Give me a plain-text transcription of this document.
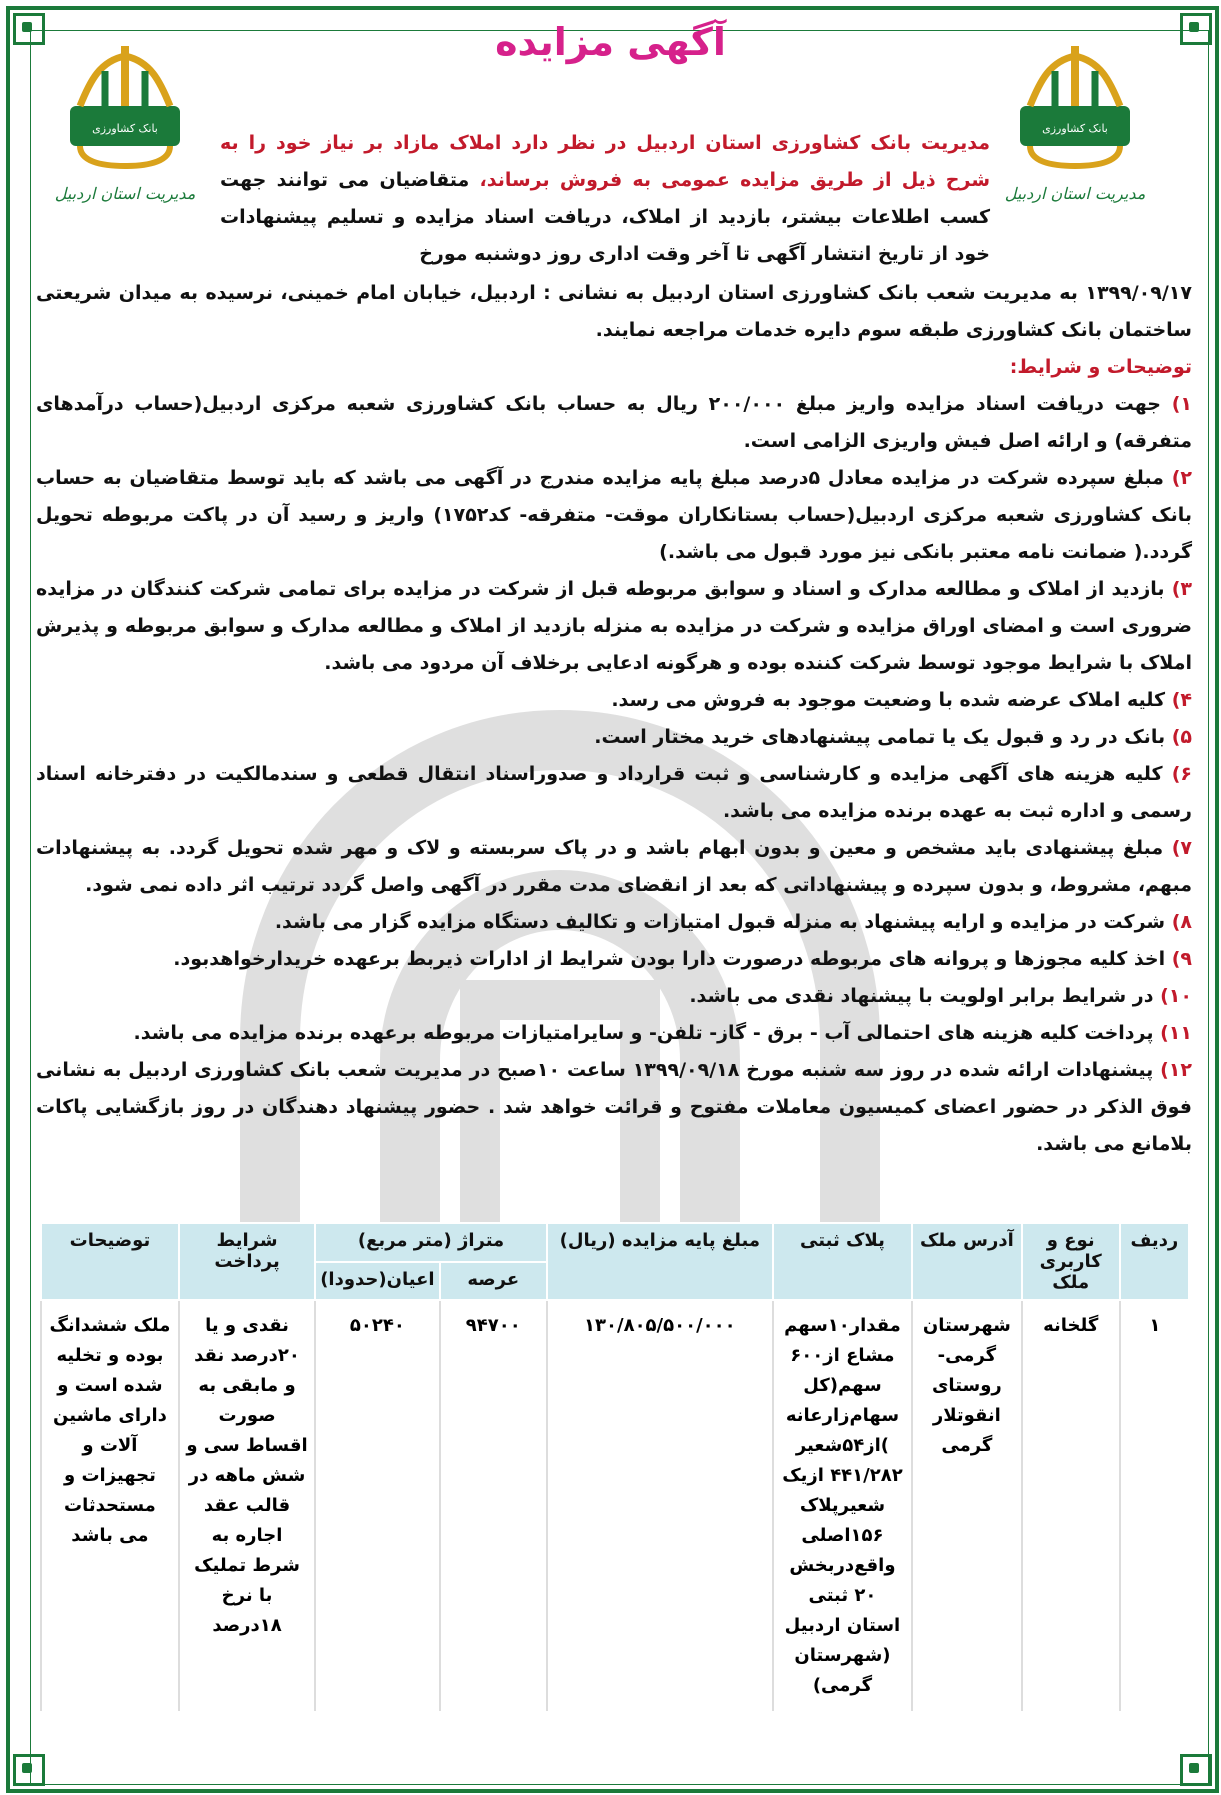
آگهی مزایده
بانک کشاورزی
مدیریت استان اردبیل
بانک کشاورزی
مدیریت استان اردبیل
مدیریت بانک کشاورزی استان اردبیل در نظر دارد املاک مازاد بر نیاز خود را به شرح ذیل از طریق مزایده عمومی به فروش برساند، متقاضیان می توانند جهت کسب اطلاعات بیشتر، بازدید از املاک، دریافت اسناد مزایده و تسلیم پیشنهادات خود از تاریخ انتشار آگهی تا آخر وقت اداری روز دوشنبه مورخ

۱۳۹۹/۰۹/۱۷ به مدیریت شعب بانک کشاورزی استان اردبیل به نشانی : اردبیل، خیابان امام خمینی، نرسیده به میدان شریعتی ساختمان بانک کشاورزی طبقه سوم دایره خدمات مراجعه نمایند.

توضیحات و شرایط:

۱) جهت دریافت اسناد مزایده واریز مبلغ ۲۰۰/۰۰۰ ریال به حساب بانک کشاورزی شعبه مرکزی اردبیل(حساب درآمدهای متفرقه) و ارائه اصل فیش واریزی الزامی است.

۲) مبلغ سپرده شرکت در مزایده معادل ۵درصد مبلغ پایه مزایده مندرج در آگهی می باشد که باید توسط متقاضیان به حساب بانک کشاورزی شعبه مرکزی اردبیل(حساب بستانکاران موقت- متفرقه- کد۱۷۵۲) واریز و رسید آن در پاکت مربوطه تحویل گردد.( ضمانت نامه معتبر بانکی نیز مورد قبول می باشد.)

۳) بازدید از املاک و مطالعه مدارک و اسناد و سوابق مربوطه قبل از شرکت در مزایده برای تمامی شرکت کنندگان در مزایده ضروری است و امضای اوراق مزایده و شرکت در مزایده به منزله بازدید از املاک و مطالعه مدارک و سوابق مربوطه و پذیرش املاک با شرایط موجود توسط شرکت کننده بوده و هرگونه ادعایی برخلاف آن مردود می باشد.

۴) کلیه املاک عرضه شده با وضعیت موجود به فروش می رسد.

۵) بانک در رد و قبول یک یا تمامی پیشنهادهای خرید مختار است.

۶) کلیه هزینه های آگهی مزایده و کارشناسی و ثبت قرارداد و صدوراسناد انتقال قطعی و سندمالکیت در دفترخانه اسناد رسمی و اداره ثبت به عهده برنده مزایده می باشد.

۷) مبلغ پیشنهادی باید مشخص و معین و بدون ابهام باشد و در پاک سربسته و لاک و مهر شده تحویل گردد. به پیشنهادات مبهم، مشروط، و بدون سپرده و پیشنهاداتی که بعد از انقضای مدت مقرر در آگهی واصل گردد ترتیب اثر داده نمی شود.

۸) شرکت در مزایده و ارایه پیشنهاد به منزله قبول امتیازات و تکالیف دستگاه مزایده گزار می باشد.

۹) اخذ کلیه مجوزها و پروانه های مربوطه درصورت دارا بودن شرایط از ادارات ذیربط برعهده خریدارخواهدبود.

۱۰) در شرایط برابر اولویت با پیشنهاد نقدی می باشد.

۱۱) پرداخت کلیه هزینه های احتمالی آب - برق - گاز- تلفن- و سایرامتیازات مربوطه برعهده برنده مزایده می باشد.

۱۲) پیشنهادات ارائه شده در روز سه شنبه مورخ ۱۳۹۹/۰۹/۱۸ ساعت ۱۰صبح در مدیریت شعب بانک کشاورزی اردبیل به نشانی فوق الذکر در حضور اعضای کمیسیون معاملات مفتوح و قرائت خواهد شد . حضور پیشنهاد دهندگان در روز بازگشایی پاکات بلامانع می باشد.

ردیف	نوع و کاربری ملک	آدرس ملک	پلاک ثبتی	مبلغ پایه مزایده (ریال)	متراژ (متر مربع)		شرایط پرداخت	توضیحات
					عرصه	اعیان(حدودا)		
۱	گلخانه	شهرستان گرمی- روستای انقوتلار گرمی	مقدار۱۰سهم مشاع از۶۰۰ سهم(کل سهام‌زارعانه )از۵۴شعیر ۴۴۱/۲۸۲ ازیک شعیرپلاک ۱۵۶اصلی واقع‌دربخش ۲۰ ثبتی استان اردبیل (شهرستان گرمی)	۱۳۰/۸۰۵/۵۰۰/۰۰۰	۹۴۷۰۰	۵۰۲۴۰	نقدی و یا ۲۰درصد نقد و مابقی به صورت اقساط سی و شش ماهه در قالب عقد اجاره به شرط تملیک با نرخ ۱۸درصد	ملک ششدانگ بوده و تخلیه شده است و دارای ماشین آلات و تجهیزات و مستحدثات می باشد
